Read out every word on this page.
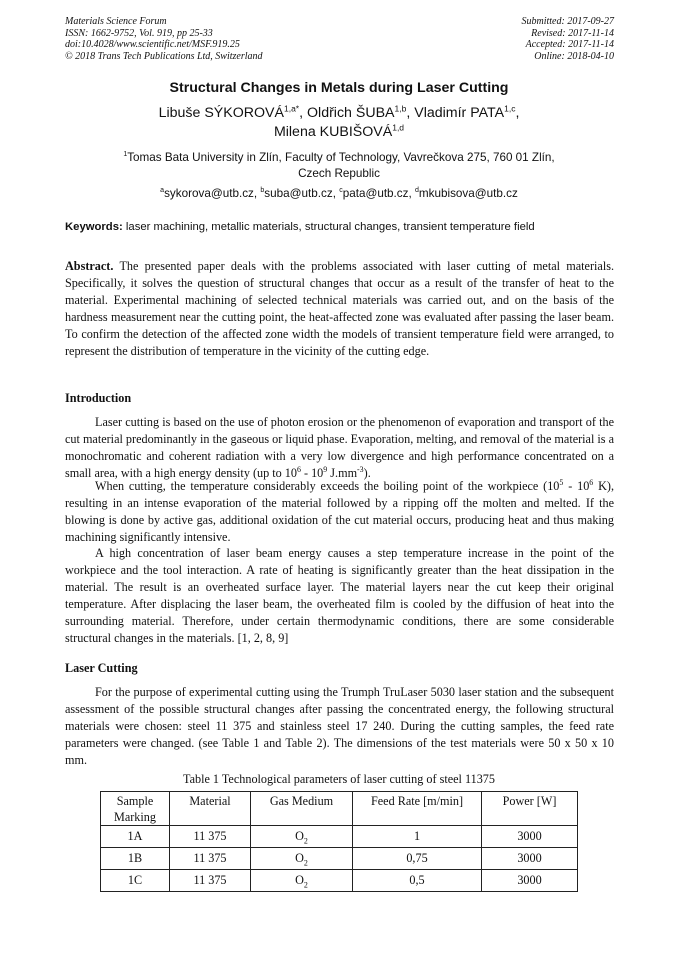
Materials Science Forum
ISSN: 1662-9752, Vol. 919, pp 25-33
doi:10.4028/www.scientific.net/MSF.919.25
© 2018 Trans Tech Publications Ltd, Switzerland
Submitted: 2017-09-27
Revised: 2017-11-14
Accepted: 2017-11-14
Online: 2018-04-10
Structural Changes in Metals during Laser Cutting
Libuše $SÝKOROVÁ^{1,a*}$, Oldřich ŠUBA$^{1,b}$, Vladimír PATA$^{1,c}$,
Milena KUBIŠOVÁ$^{1,d}$
$^1$Tomas Bata University in Zlín, Faculty of Technology, Vavrečkova 275, 760 01 Zlín,
Czech Republic
$^a$sykorova@utb.cz, $^b$suba@utb.cz, $^c$pata@utb.cz, $^d$mkubisova@utb.cz
Keywords: laser machining, metallic materials, structural changes, transient temperature field
Abstract. The presented paper deals with the problems associated with laser cutting of metal materials. Specifically, it solves the question of structural changes that occur as a result of the transfer of heat to the material. Experimental machining of selected technical materials was carried out, and on the basis of the hardness measurement near the cutting point, the heat-affected zone was evaluated after passing the laser beam. To confirm the detection of the affected zone width the models of transient temperature field were arranged, to represent the distribution of temperature in the vicinity of the cutting edge.
Introduction
Laser cutting is based on the use of photon erosion or the phenomenon of evaporation and transport of the cut material predominantly in the gaseous or liquid phase. Evaporation, melting, and removal of the material is a monochromatic and coherent radiation with a very low divergence and high performance concentrated on a small area, with a high energy density (up to $10^6 - 10^9$ $J.mm^{-3}$).
When cutting, the temperature considerably exceeds the boiling point of the workpiece ($10^5 - 10^6$ K), resulting in an intense evaporation of the material followed by a ripping off the molten and melted. If the blowing is done by active gas, additional oxidation of the cut material occurs, producing heat and thus making machining significantly intensive.
A high concentration of laser beam energy causes a step temperature increase in the point of the workpiece and the tool interaction. A rate of heating is significantly greater than the heat dissipation in the material. The result is an overheated surface layer. The material layers near the cut keep their original temperature. After displacing the laser beam, the overheated film is cooled by the diffusion of heat into the surrounding material. Therefore, under certain thermodynamic conditions, there are some considerable structural changes in the materials. [1, 2, 8, 9]
Laser Cutting
For the purpose of experimental cutting using the Trumph TruLaser 5030 laser station and the subsequent assessment of the possible structural changes after passing the concentrated energy, the following structural materials were chosen: steel 11 375 and stainless steel 17 240. During the cutting samples, the feed rate parameters were changed. (see Table 1 and Table 2). The dimensions of the test materials were 50 x 50 x 10 mm.
Table 1 Technological parameters of laser cutting of steel 11375
Sample
Marking	Material	Gas Medium	Feed Rate [m/min]	Power [W]
1A	11 375	$O_2$	1	3000
1B	11 375	$O_2$	0,75	3000
1C	11 375	$O_2$	0,5	3000
